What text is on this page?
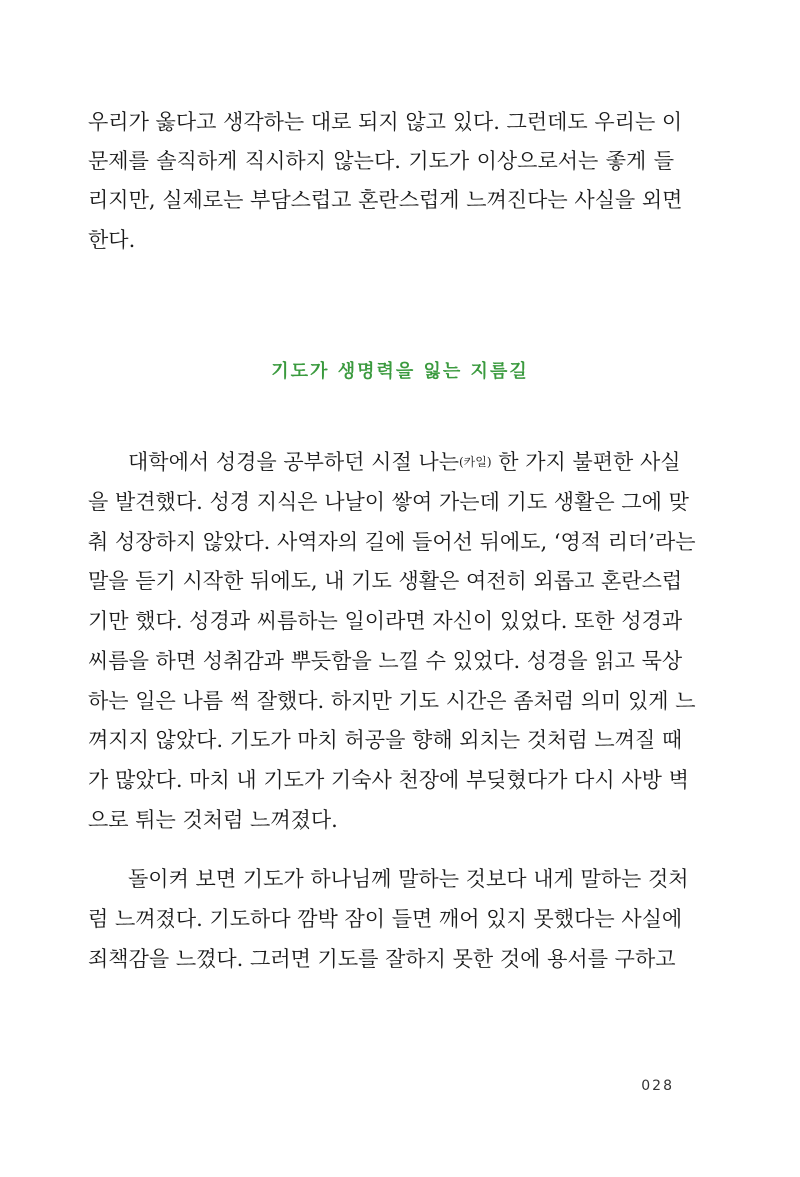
우리가 옳다고 생각하는 대로 되지 않고 있다. 그런데도 우리는 이
문제를 솔직하게 직시하지 않는다. 기도가 이상으로서는 좋게 들
리지만, 실제로는 부담스럽고 혼란스럽게 느껴진다는 사실을 외면
한다.
기도가 생명력을 잃는 지름길
대학에서 성경을 공부하던 시절 나는(카일) 한 가지 불편한 사실
을 발견했다. 성경 지식은 나날이 쌓여 가는데 기도 생활은 그에 맞
춰 성장하지 않았다. 사역자의 길에 들어선 뒤에도, ‘영적 리더’라는
말을 듣기 시작한 뒤에도, 내 기도 생활은 여전히 외롭고 혼란스럽
기만 했다. 성경과 씨름하는 일이라면 자신이 있었다. 또한 성경과
씨름을 하면 성취감과 뿌듯함을 느낄 수 있었다. 성경을 읽고 묵상
하는 일은 나름 썩 잘했다. 하지만 기도 시간은 좀처럼 의미 있게 느
껴지지 않았다. 기도가 마치 허공을 향해 외치는 것처럼 느껴질 때
가 많았다. 마치 내 기도가 기숙사 천장에 부딪혔다가 다시 사방 벽
으로 튀는 것처럼 느껴졌다.
돌이켜 보면 기도가 하나님께 말하는 것보다 내게 말하는 것처
럼 느껴졌다. 기도하다 깜박 잠이 들면 깨어 있지 못했다는 사실에
죄책감을 느꼈다. 그러면 기도를 잘하지 못한 것에 용서를 구하고
028
